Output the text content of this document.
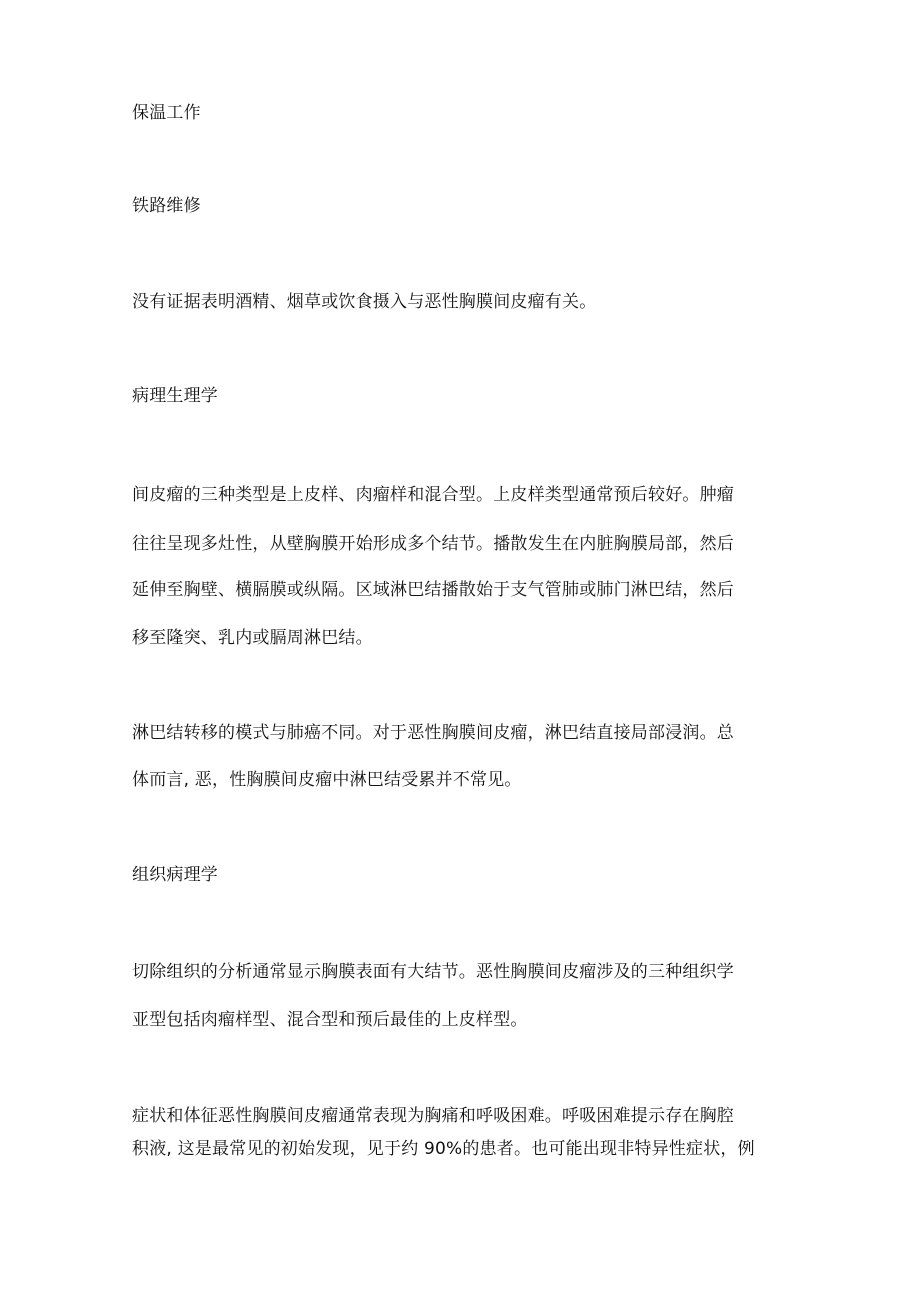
保温工作
铁路维修
没有证据表明酒精、烟草或饮食摄入与恶性胸膜间皮瘤有关。
病理生理学
间皮瘤的三种类型是上皮样、肉瘤样和混合型。上皮样类型通常预后较好。肿瘤
往往呈现多灶性，从壁胸膜开始形成多个结节。播散发生在内脏胸膜局部，然后
延伸至胸壁、横膈膜或纵隔。区域淋巴结播散始于支气管肺或肺门淋巴结，然后
移至隆突、乳内或膈周淋巴结。
淋巴结转移的模式与肺癌不同。对于恶性胸膜间皮瘤，淋巴结直接局部浸润。总
体而言, 恶，性胸膜间皮瘤中淋巴结受累并不常见。
组织病理学
切除组织的分析通常显示胸膜表面有大结节。恶性胸膜间皮瘤涉及的三种组织学
亚型包括肉瘤样型、混合型和预后最佳的上皮样型。
症状和体征恶性胸膜间皮瘤通常表现为胸痛和呼吸困难。呼吸困难提示存在胸腔
积液, 这是最常见的初始发现，见于约 90%的患者。也可能出现非特异性症状，例
